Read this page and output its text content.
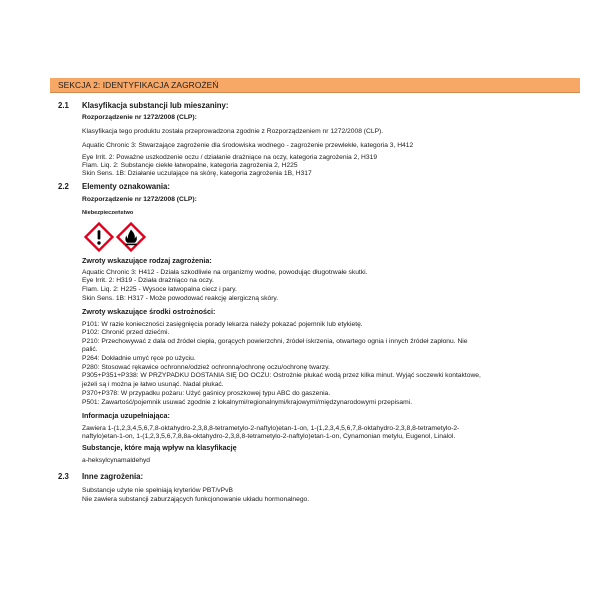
SEKCJA 2: IDENTYFIKACJA ZAGROŻEŃ
2.1 Klasyfikacja substancji lub mieszaniny:
Rozporządzenie nr 1272/2008 (CLP):
Klasyfikacja tego produktu została przeprowadzona zgodnie z Rozporządzeniem nr 1272/2008 (CLP).
Aquatic Chronic 3: Stwarzające zagrożenie dla środowiska wodnego - zagrożenie przewlekłe, kategoria 3, H412
Eye Irrit. 2: Poważne uszkodzenie oczu / działanie drażniące na oczy, kategoria zagrożenia 2, H319
Flam. Liq. 2: Substancje ciekłe łatwopalne, kategoria zagrożenia 2, H225
Skin Sens. 1B: Działanie uczulające na skórę, kategoria zagrożenia 1B, H317
2.2 Elementy oznakowania:
Rozporządzenie nr 1272/2008 (CLP):
Niebezpieczeństwo
Zwroty wskazujące rodzaj zagrożenia:
Aquatic Chronic 3: H412 - Działa szkodliwie na organizmy wodne, powodując długotrwałe skutki.
Eye Irrit. 2: H319 - Działa drażniąco na oczy.
Flam. Liq. 2: H225 - Wysoce łatwopalna ciecz i pary.
Skin Sens. 1B: H317 - Może powodować reakcję alergiczną skóry.
Zwroty wskazujące środki ostrożności:
P101: W razie konieczności zasięgnięcia porady lekarza należy pokazać pojemnik lub etykietę.
P102: Chronić przed dziećmi.
P210: Przechowywać z dala od źródeł ciepła, gorących powierzchni, źródeł iskrzenia, otwartego ognia i innych źródeł zapłonu. Nie
palić.
P264: Dokładnie umyć ręce po użyciu.
P280: Stosować rękawice ochronne/odzież ochronną/ochronę oczu/ochronę twarzy.
P305+P351+P338: W PRZYPADKU DOSTANIA SIĘ DO OCZU: Ostrożnie płukać wodą przez kilka minut. Wyjąć soczewki kontaktowe,
jeżeli są i można je łatwo usunąć. Nadal płukać.
P370+P378: W przypadku pożaru: Użyć gaśnicy proszkowej typu ABC do gaszenia.
P501: Zawartość/pojemnik usuwać zgodnie z lokalnymi/regionalnymi/krajowymi/międzynarodowymi przepisami.
Informacja uzupełniająca:
Zawiera 1-(1,2,3,4,5,6,7,8-oktahydro-2,3,8,8-tetrametylo-2-naftylo)etan-1-on, 1-(1,2,3,4,5,6,7,8-oktahydro-2,3,8,8-tetrametylo-2-
naftylo)etan-1-on, 1-(1,2,3,5,6,7,8,8a-oktahydro-2,3,8,8-tetrametylo-2-naftylo)etan-1-on, Cynamonian metylu, Eugenol, Linalol.
Substancje, które mają wpływ na klasyfikację
a-heksylcynamaldehyd
2.3 Inne zagrożenia:
Substancje użyte nie spełniają kryteriów PBT/vPvB
Nie zawiera substancji zaburzających funkcjonowanie układu hormonalnego.
